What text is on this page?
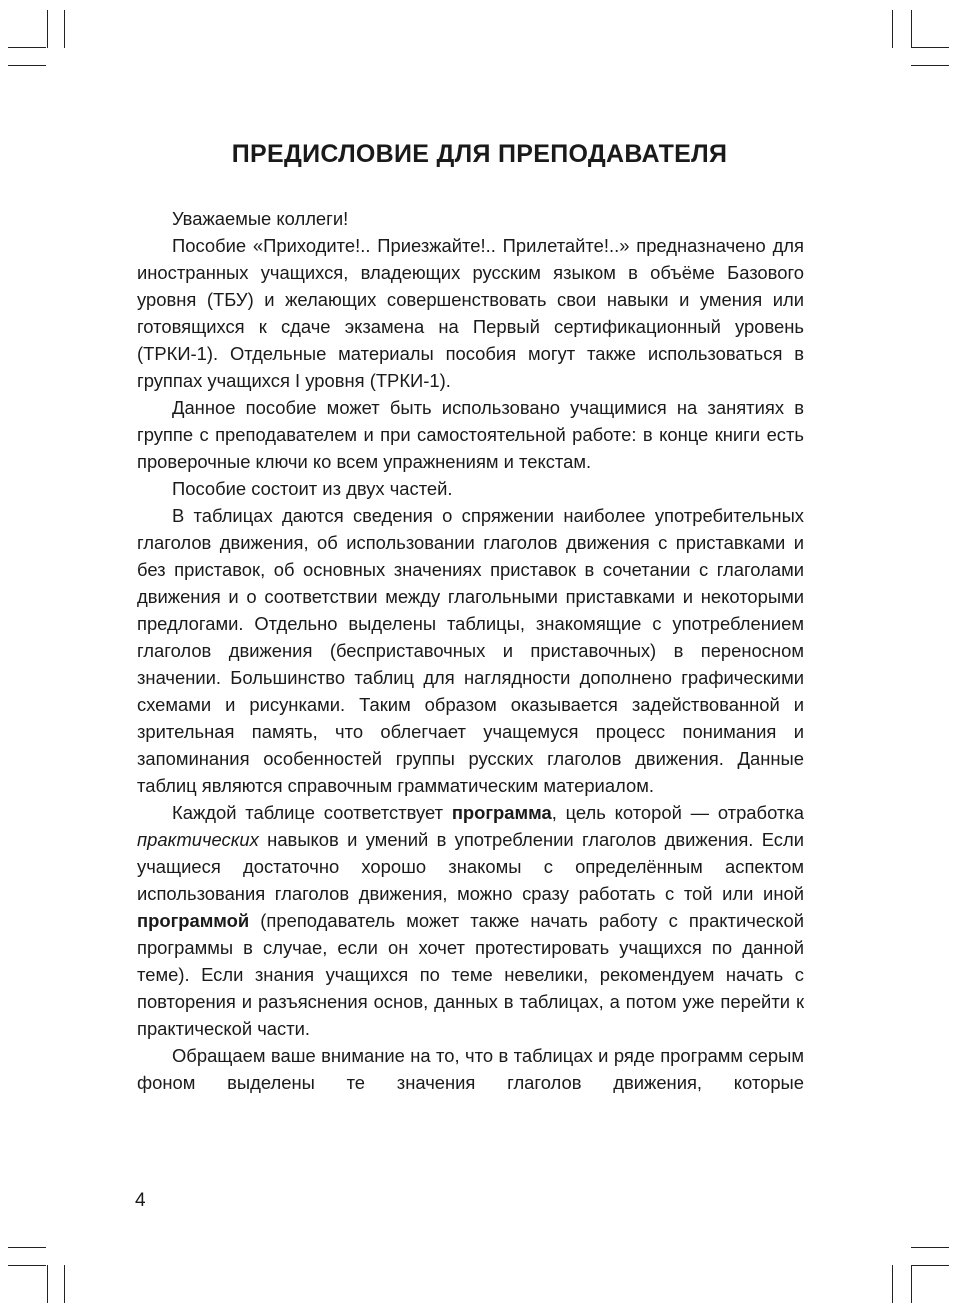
ПРЕДИСЛОВИЕ ДЛЯ ПРЕПОДАВАТЕЛЯ

Уважаемые коллеги!

Пособие «Приходите!.. Приезжайте!.. Прилетайте!..» предназначено для иностранных учащихся, владеющих русским языком в объёме Базового уровня (ТБУ) и желающих совершенствовать свои навыки и умения или готовящихся к сдаче экзамена на Первый сертификационный уровень (ТРКИ-1). Отдельные материалы пособия могут также использоваться в группах учащихся I уровня (ТРКИ-1).

Данное пособие может быть использовано учащимися на занятиях в группе с преподавателем и при самостоятельной работе: в конце книги есть проверочные ключи ко всем упражнениям и текстам.

Пособие состоит из двух частей.

В таблицах даются сведения о спряжении наиболее употребительных глаголов движения, об использовании глаголов движения с приставками и без приставок, об основных значениях приставок в сочетании с глаголами движения и о соответствии между глагольными приставками и некоторыми предлогами. Отдельно выделены таблицы, знакомящие с употреблением глаголов движения (бесприставочных и приставочных) в переносном значении. Большинство таблиц для наглядности дополнено графическими схемами и рисунками. Таким образом оказывается задействованной и зрительная память, что облегчает учащемуся процесс понимания и запоминания особенностей группы русских глаголов движения. Данные таблиц являются справочным грамматическим материалом.

Каждой таблице соответствует программа, цель которой — отработка практических навыков и умений в употреблении глаголов движения. Если учащиеся достаточно хорошо знакомы с определённым аспектом использования глаголов движения, можно сразу работать с той или иной программой (преподаватель может также начать работу с практической программы в случае, если он хочет протестировать учащихся по данной теме). Если знания учащихся по теме невелики, рекомендуем начать с повторения и разъяснения основ, данных в таблицах, а потом уже перейти к практической части.

Обращаем ваше внимание на то, что в таблицах и ряде программ серым фоном выделены те значения глаголов движения, которые

4
